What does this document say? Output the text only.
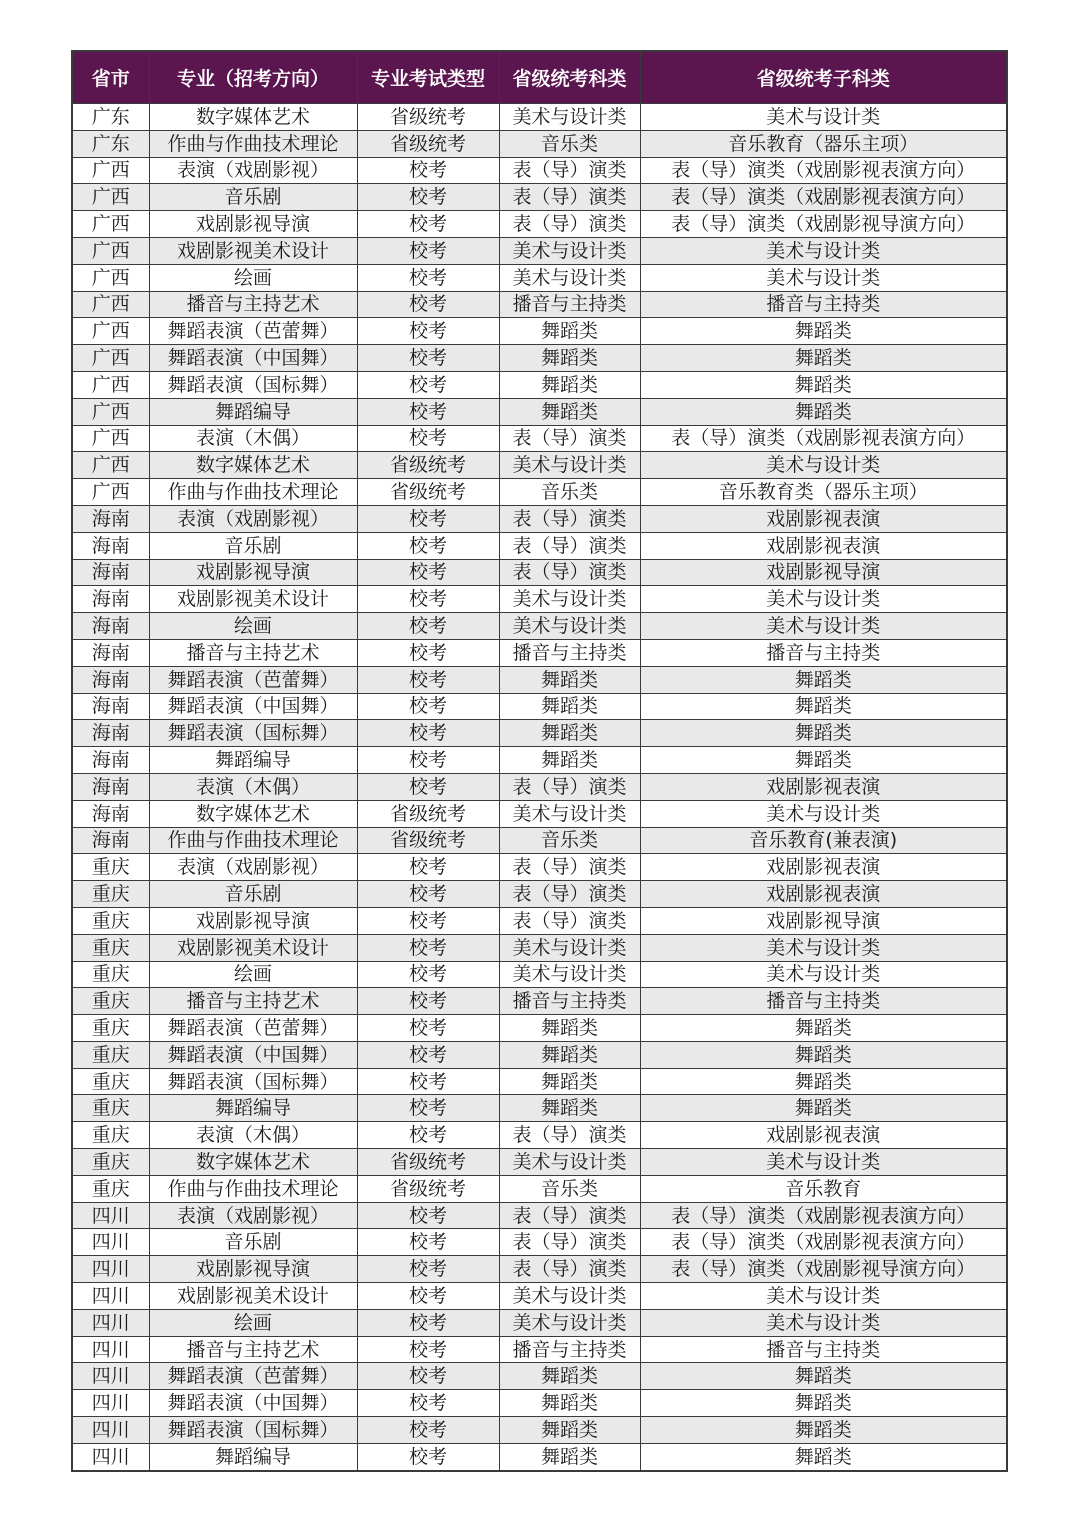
省市	专业（招考方向）	专业考试类型	省级统考科类	省级统考子科类
广东	数字媒体艺术	省级统考	美术与设计类	美术与设计类
广东	作曲与作曲技术理论	省级统考	音乐类	音乐教育（器乐主项）
广西	表演（戏剧影视）	校考	表（导）演类	表（导）演类（戏剧影视表演方向）
广西	音乐剧	校考	表（导）演类	表（导）演类（戏剧影视表演方向）
广西	戏剧影视导演	校考	表（导）演类	表（导）演类（戏剧影视导演方向）
广西	戏剧影视美术设计	校考	美术与设计类	美术与设计类
广西	绘画	校考	美术与设计类	美术与设计类
广西	播音与主持艺术	校考	播音与主持类	播音与主持类
广西	舞蹈表演（芭蕾舞）	校考	舞蹈类	舞蹈类
广西	舞蹈表演（中国舞）	校考	舞蹈类	舞蹈类
广西	舞蹈表演（国标舞）	校考	舞蹈类	舞蹈类
广西	舞蹈编导	校考	舞蹈类	舞蹈类
广西	表演（木偶）	校考	表（导）演类	表（导）演类（戏剧影视表演方向）
广西	数字媒体艺术	省级统考	美术与设计类	美术与设计类
广西	作曲与作曲技术理论	省级统考	音乐类	音乐教育类（器乐主项）
海南	表演（戏剧影视）	校考	表（导）演类	戏剧影视表演
海南	音乐剧	校考	表（导）演类	戏剧影视表演
海南	戏剧影视导演	校考	表（导）演类	戏剧影视导演
海南	戏剧影视美术设计	校考	美术与设计类	美术与设计类
海南	绘画	校考	美术与设计类	美术与设计类
海南	播音与主持艺术	校考	播音与主持类	播音与主持类
海南	舞蹈表演（芭蕾舞）	校考	舞蹈类	舞蹈类
海南	舞蹈表演（中国舞）	校考	舞蹈类	舞蹈类
海南	舞蹈表演（国标舞）	校考	舞蹈类	舞蹈类
海南	舞蹈编导	校考	舞蹈类	舞蹈类
海南	表演（木偶）	校考	表（导）演类	戏剧影视表演
海南	数字媒体艺术	省级统考	美术与设计类	美术与设计类
海南	作曲与作曲技术理论	省级统考	音乐类	音乐教育(兼表演)
重庆	表演（戏剧影视）	校考	表（导）演类	戏剧影视表演
重庆	音乐剧	校考	表（导）演类	戏剧影视表演
重庆	戏剧影视导演	校考	表（导）演类	戏剧影视导演
重庆	戏剧影视美术设计	校考	美术与设计类	美术与设计类
重庆	绘画	校考	美术与设计类	美术与设计类
重庆	播音与主持艺术	校考	播音与主持类	播音与主持类
重庆	舞蹈表演（芭蕾舞）	校考	舞蹈类	舞蹈类
重庆	舞蹈表演（中国舞）	校考	舞蹈类	舞蹈类
重庆	舞蹈表演（国标舞）	校考	舞蹈类	舞蹈类
重庆	舞蹈编导	校考	舞蹈类	舞蹈类
重庆	表演（木偶）	校考	表（导）演类	戏剧影视表演
重庆	数字媒体艺术	省级统考	美术与设计类	美术与设计类
重庆	作曲与作曲技术理论	省级统考	音乐类	音乐教育
四川	表演（戏剧影视）	校考	表（导）演类	表（导）演类（戏剧影视表演方向）
四川	音乐剧	校考	表（导）演类	表（导）演类（戏剧影视表演方向）
四川	戏剧影视导演	校考	表（导）演类	表（导）演类（戏剧影视导演方向）
四川	戏剧影视美术设计	校考	美术与设计类	美术与设计类
四川	绘画	校考	美术与设计类	美术与设计类
四川	播音与主持艺术	校考	播音与主持类	播音与主持类
四川	舞蹈表演（芭蕾舞）	校考	舞蹈类	舞蹈类
四川	舞蹈表演（中国舞）	校考	舞蹈类	舞蹈类
四川	舞蹈表演（国标舞）	校考	舞蹈类	舞蹈类
四川	舞蹈编导	校考	舞蹈类	舞蹈类
